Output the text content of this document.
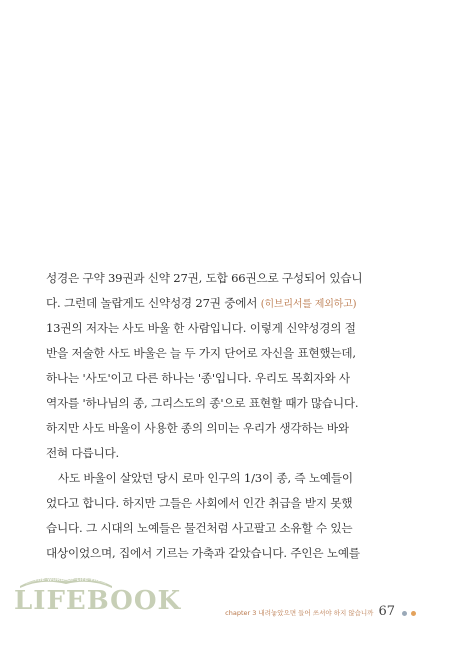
성경은 구약 39권과 신약 27권, 도합 66권으로 구성되어 있습니
다. 그런데 놀랍게도 신약성경 27권 중에서 (히브리서를 제외하고)
13권의 저자는 사도 바울 한 사람입니다. 이렇게 신약성경의 절
반을 저술한 사도 바울은 늘 두 가지 단어로 자신을 표현했는데,
하나는 '사도'이고 다른 하나는 '종'입니다. 우리도 목회자와 사
역자를 '하나님의 종, 그리스도의 종'으로 표현할 때가 많습니다.
하지만 사도 바울이 사용한 종의 의미는 우리가 생각하는 바와
전혀 다릅니다.
사도 바울이 살았던 당시 로마 인구의 1/3이 종, 즉 노예들이
었다고 합니다. 하지만 그들은 사회에서 인간 취급을 받지 못했
습니다. 그 시대의 노예들은 물건처럼 사고팔고 소유할 수 있는
대상이었으며, 집에서 기르는 가축과 같았습니다. 주인은 노예를
THE WORD OF LIFE PRESS
LIFEBOOK	chapter 3 내려놓았으면 들어 쓰셔야 하지 않습니까 67
